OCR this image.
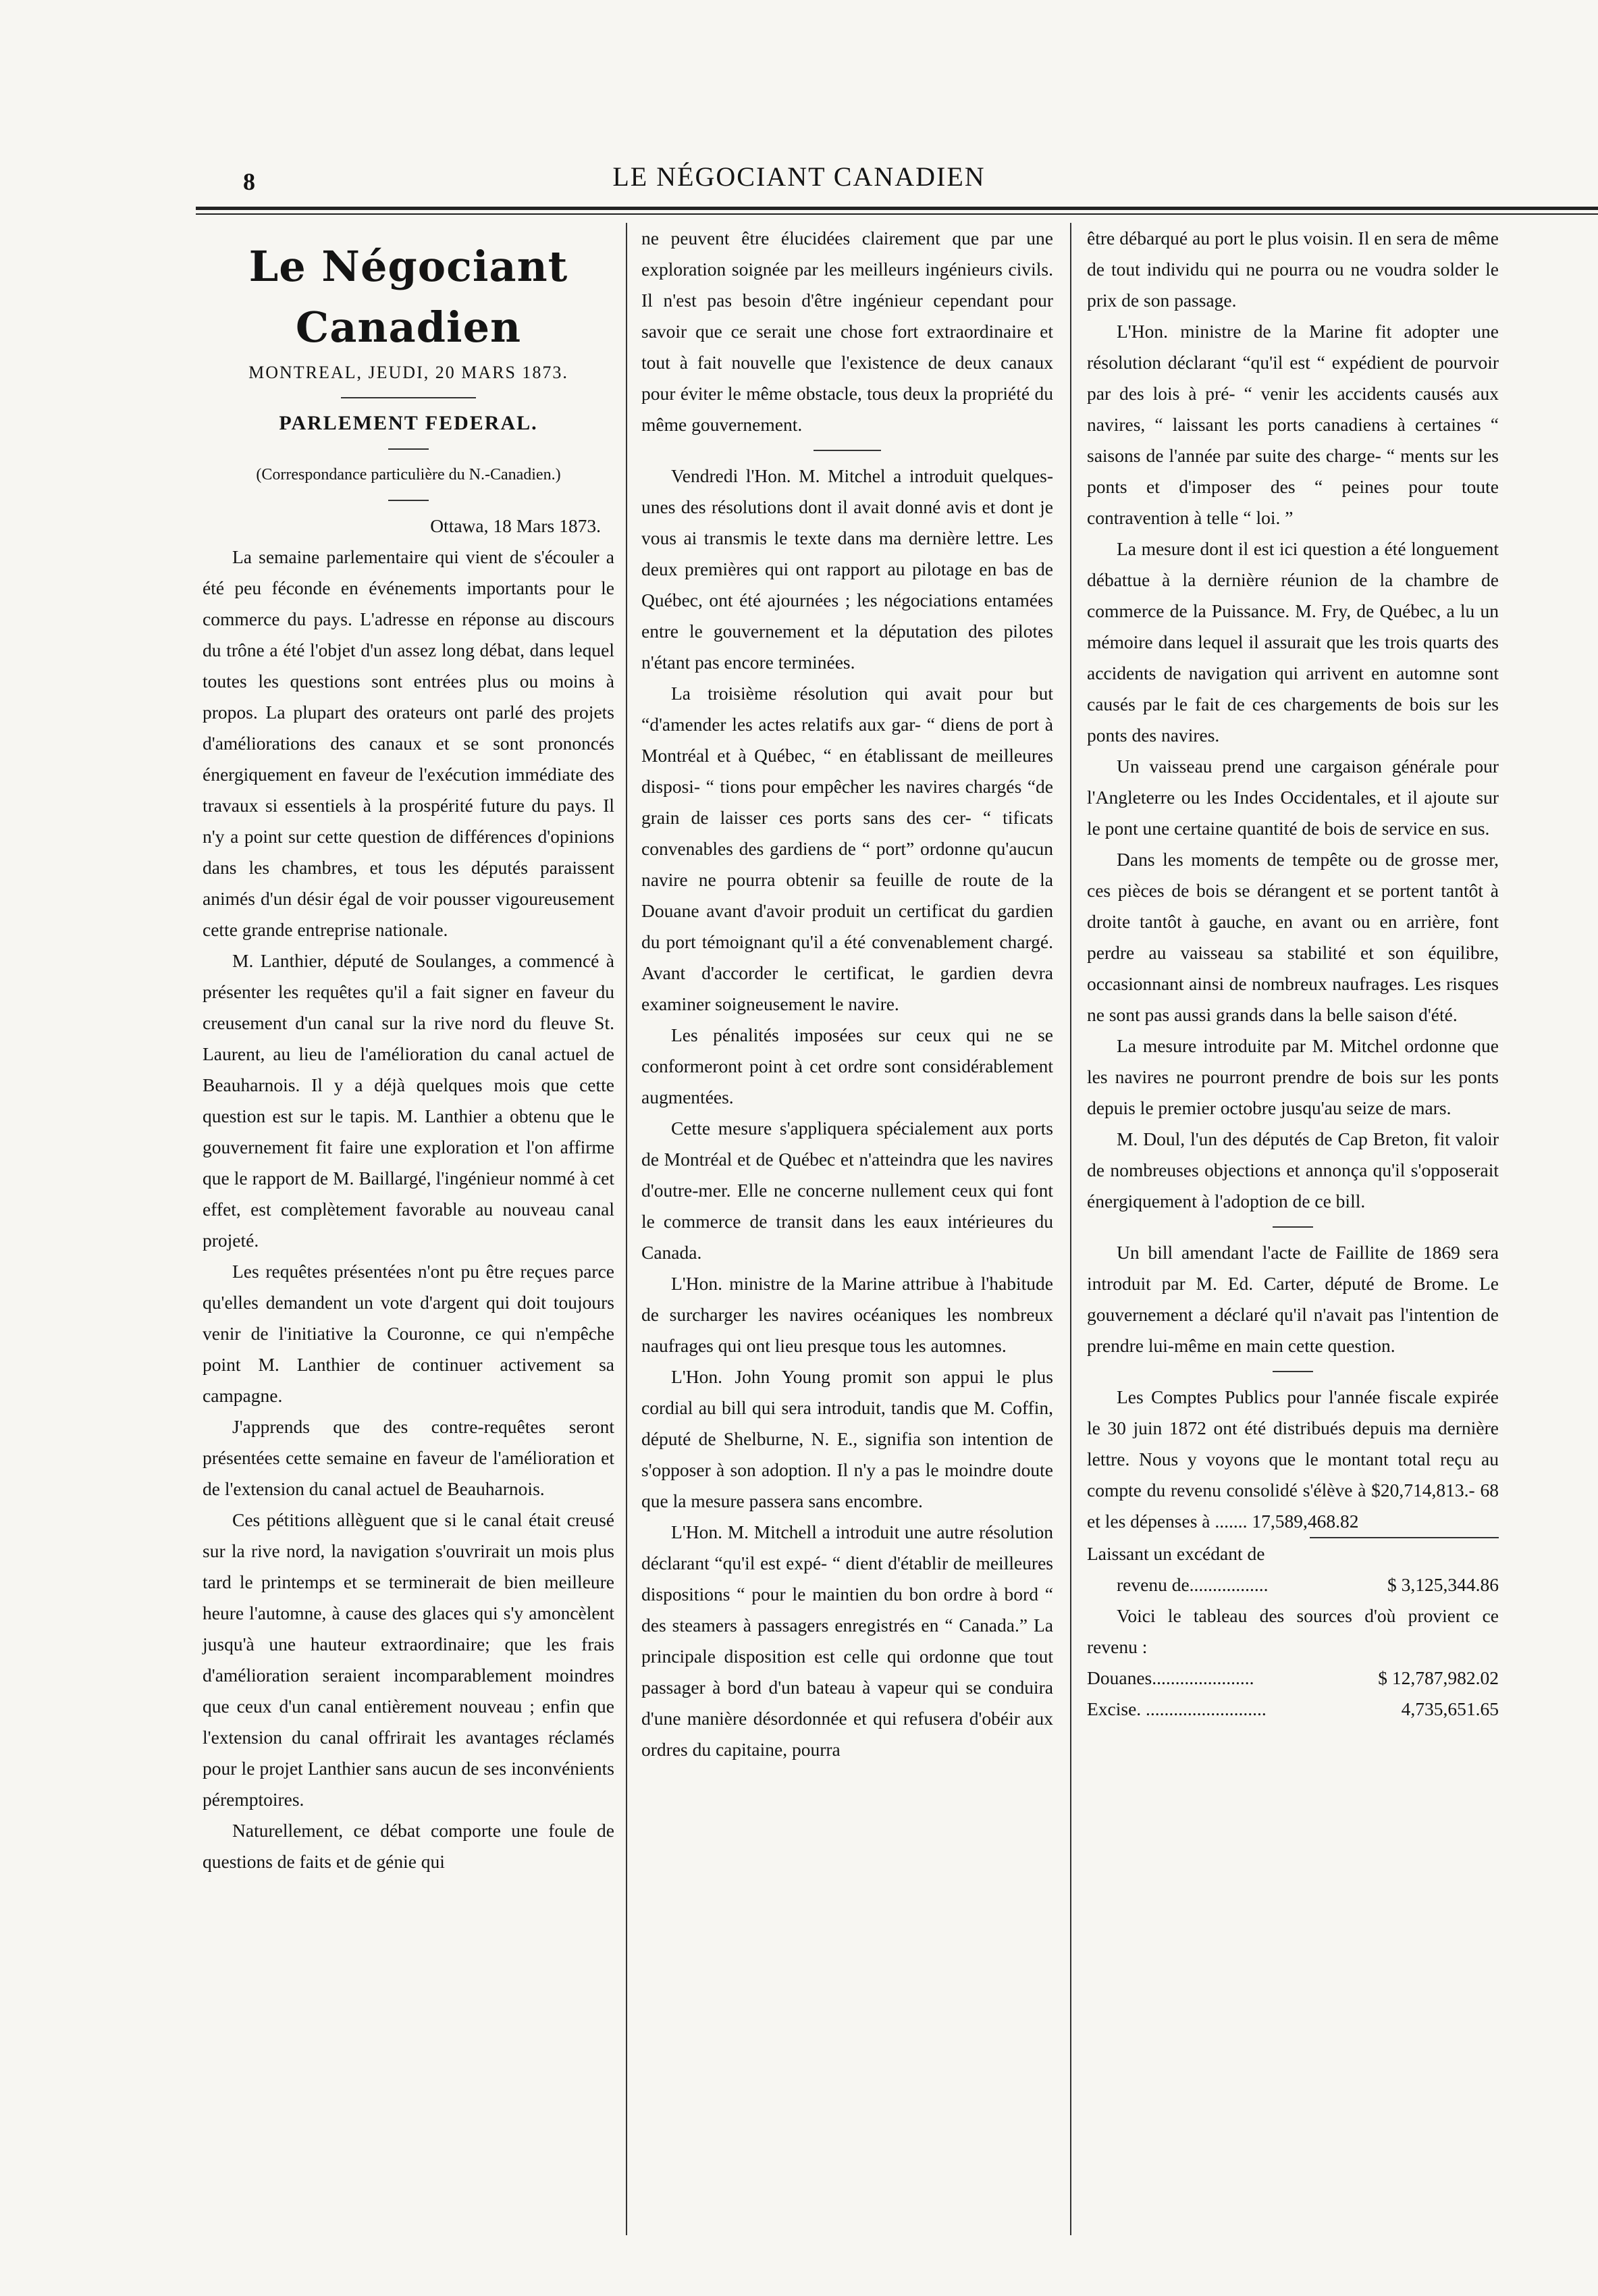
8	LE NÉGOCIANT CANADIEN
Le Négociant Canadien
MONTREAL, JEUDI, 20 MARS 1873.
PARLEMENT FEDERAL.
(Correspondance particulière du N.-Canadien.)

Ottawa, 18 Mars 1873.

La semaine parlementaire qui vient de s'écouler a été peu féconde en événements importants pour le commerce du pays. L'adresse en réponse au discours du trône a été l'objet d'un assez long débat, dans lequel toutes les questions sont entrées plus ou moins à propos. La plupart des orateurs ont parlé des projets d'améliorations des canaux et se sont prononcés énergiquement en faveur de l'exécution immédiate des travaux si essentiels à la prospérité future du pays. Il n'y a point sur cette question de différences d'opinions dans les chambres, et tous les députés paraissent animés d'un désir égal de voir pousser vigoureusement cette grande entreprise nationale.

M. Lanthier, député de Soulanges, a commencé à présenter les requêtes qu'il a fait signer en faveur du creusement d'un canal sur la rive nord du fleuve St. Laurent, au lieu de l'amélioration du canal actuel de Beauharnois. Il y a déjà quelques mois que cette question est sur le tapis. M. Lanthier a obtenu que le gouvernement fit faire une exploration et l'on affirme que le rapport de M. Baillargé, l'ingénieur nommé à cet effet, est complètement favorable au nouveau canal projeté.

Les requêtes présentées n'ont pu être reçues parce qu'elles demandent un vote d'argent qui doit toujours venir de l'initiative la Couronne, ce qui n'empêche point M. Lanthier de continuer activement sa campagne.

J'apprends que des contre-requêtes seront présentées cette semaine en faveur de l'amélioration et de l'extension du canal actuel de Beauharnois.

Ces pétitions allèguent que si le canal était creusé sur la rive nord, la navigation s'ouvrirait un mois plus tard le printemps et se terminerait de bien meilleure heure l'automne, à cause des glaces qui s'y amoncèlent jusqu'à une hauteur extraordinaire; que les frais d'amélioration seraient incomparablement moindres que ceux d'un canal entièrement nouveau ; enfin que l'extension du canal offrirait les avantages réclamés pour le projet Lanthier sans aucun de ses inconvénients péremptoires.

Naturellement, ce débat comporte une foule de questions de faits et de génie qui

ne peuvent être élucidées clairement que par une exploration soignée par les meilleurs ingénieurs civils. Il n'est pas besoin d'être ingénieur cependant pour savoir que ce serait une chose fort extraordinaire et tout à fait nouvelle que l'existence de deux canaux pour éviter le même obstacle, tous deux la propriété du même gouvernement.

Vendredi l'Hon. M. Mitchel a introduit quelques-unes des résolutions dont il avait donné avis et dont je vous ai transmis le texte dans ma dernière lettre. Les deux premières qui ont rapport au pilotage en bas de Québec, ont été ajournées ; les négociations entamées entre le gouvernement et la députation des pilotes n'étant pas encore terminées.

La troisième résolution qui avait pour but “d'amender les actes relatifs aux gar- “ diens de port à Montréal et à Québec, “ en établissant de meilleures disposi- “ tions pour empêcher les navires chargés “de grain de laisser ces ports sans des cer- “ tificats convenables des gardiens de “ port” ordonne qu'aucun navire ne pourra obtenir sa feuille de route de la Douane avant d'avoir produit un certificat du gardien du port témoignant qu'il a été convenablement chargé. Avant d'accorder le certificat, le gardien devra examiner soigneusement le navire.

Les pénalités imposées sur ceux qui ne se conformeront point à cet ordre sont considérablement augmentées.

Cette mesure s'appliquera spécialement aux ports de Montréal et de Québec et n'atteindra que les navires d'outre-mer. Elle ne concerne nullement ceux qui font le commerce de transit dans les eaux intérieures du Canada.

L'Hon. ministre de la Marine attribue à l'habitude de surcharger les navires océaniques les nombreux naufrages qui ont lieu presque tous les automnes.

L'Hon. John Young promit son appui le plus cordial au bill qui sera introduit, tandis que M. Coffin, député de Shelburne, N. E., signifia son intention de s'opposer à son adoption. Il n'y a pas le moindre doute que la mesure passera sans encombre.

L'Hon. M. Mitchell a introduit une autre résolution déclarant “qu'il est expé- “ dient d'établir de meilleures dispositions “ pour le maintien du bon ordre à bord “ des steamers à passagers enregistrés en “ Canada.” La principale disposition est celle qui ordonne que tout passager à bord d'un bateau à vapeur qui se conduira d'une manière désordonnée et qui refusera d'obéir aux ordres du capitaine, pourra

être débarqué au port le plus voisin. Il en sera de même de tout individu qui ne pourra ou ne voudra solder le prix de son passage.

L'Hon. ministre de la Marine fit adopter une résolution déclarant “qu'il est “ expédient de pourvoir par des lois à pré- “ venir les accidents causés aux navires, “ laissant les ports canadiens à certaines “ saisons de l'année par suite des charge- “ ments sur les ponts et d'imposer des “ peines pour toute contravention à telle “ loi. ”

La mesure dont il est ici question a été longuement débattue à la dernière réunion de la chambre de commerce de la Puissance. M. Fry, de Québec, a lu un mémoire dans lequel il assurait que les trois quarts des accidents de navigation qui arrivent en automne sont causés par le fait de ces chargements de bois sur les ponts des navires.

Un vaisseau prend une cargaison générale pour l'Angleterre ou les Indes Occidentales, et il ajoute sur le pont une certaine quantité de bois de service en sus.

Dans les moments de tempête ou de grosse mer, ces pièces de bois se dérangent et se portent tantôt à droite tantôt à gauche, en avant ou en arrière, font perdre au vaisseau sa stabilité et son équilibre, occasionnant ainsi de nombreux naufrages. Les risques ne sont pas aussi grands dans la belle saison d'été.

La mesure introduite par M. Mitchel ordonne que les navires ne pourront prendre de bois sur les ponts depuis le premier octobre jusqu'au seize de mars.

M. Doul, l'un des députés de Cap Breton, fit valoir de nombreuses objections et annonça qu'il s'opposerait énergiquement à l'adoption de ce bill.

Un bill amendant l'acte de Faillite de 1869 sera introduit par M. Ed. Carter, député de Brome. Le gouvernement a déclaré qu'il n'avait pas l'intention de prendre lui-même en main cette question.

Les Comptes Publics pour l'année fiscale expirée le 30 juin 1872 ont été distribués depuis ma dernière lettre. Nous y voyons que le montant total reçu au compte du revenu consolidé s'élève à $20,714,813.- 68 et les dépenses à ....... 17,589,468.82

Laissant un excédant de

revenu de.................	$ 3,125,344.86

Voici le tableau des sources d'où provient ce revenu :

Douanes......................	$ 12,787,982.02
Excise. ..........................	4,735,651.65
